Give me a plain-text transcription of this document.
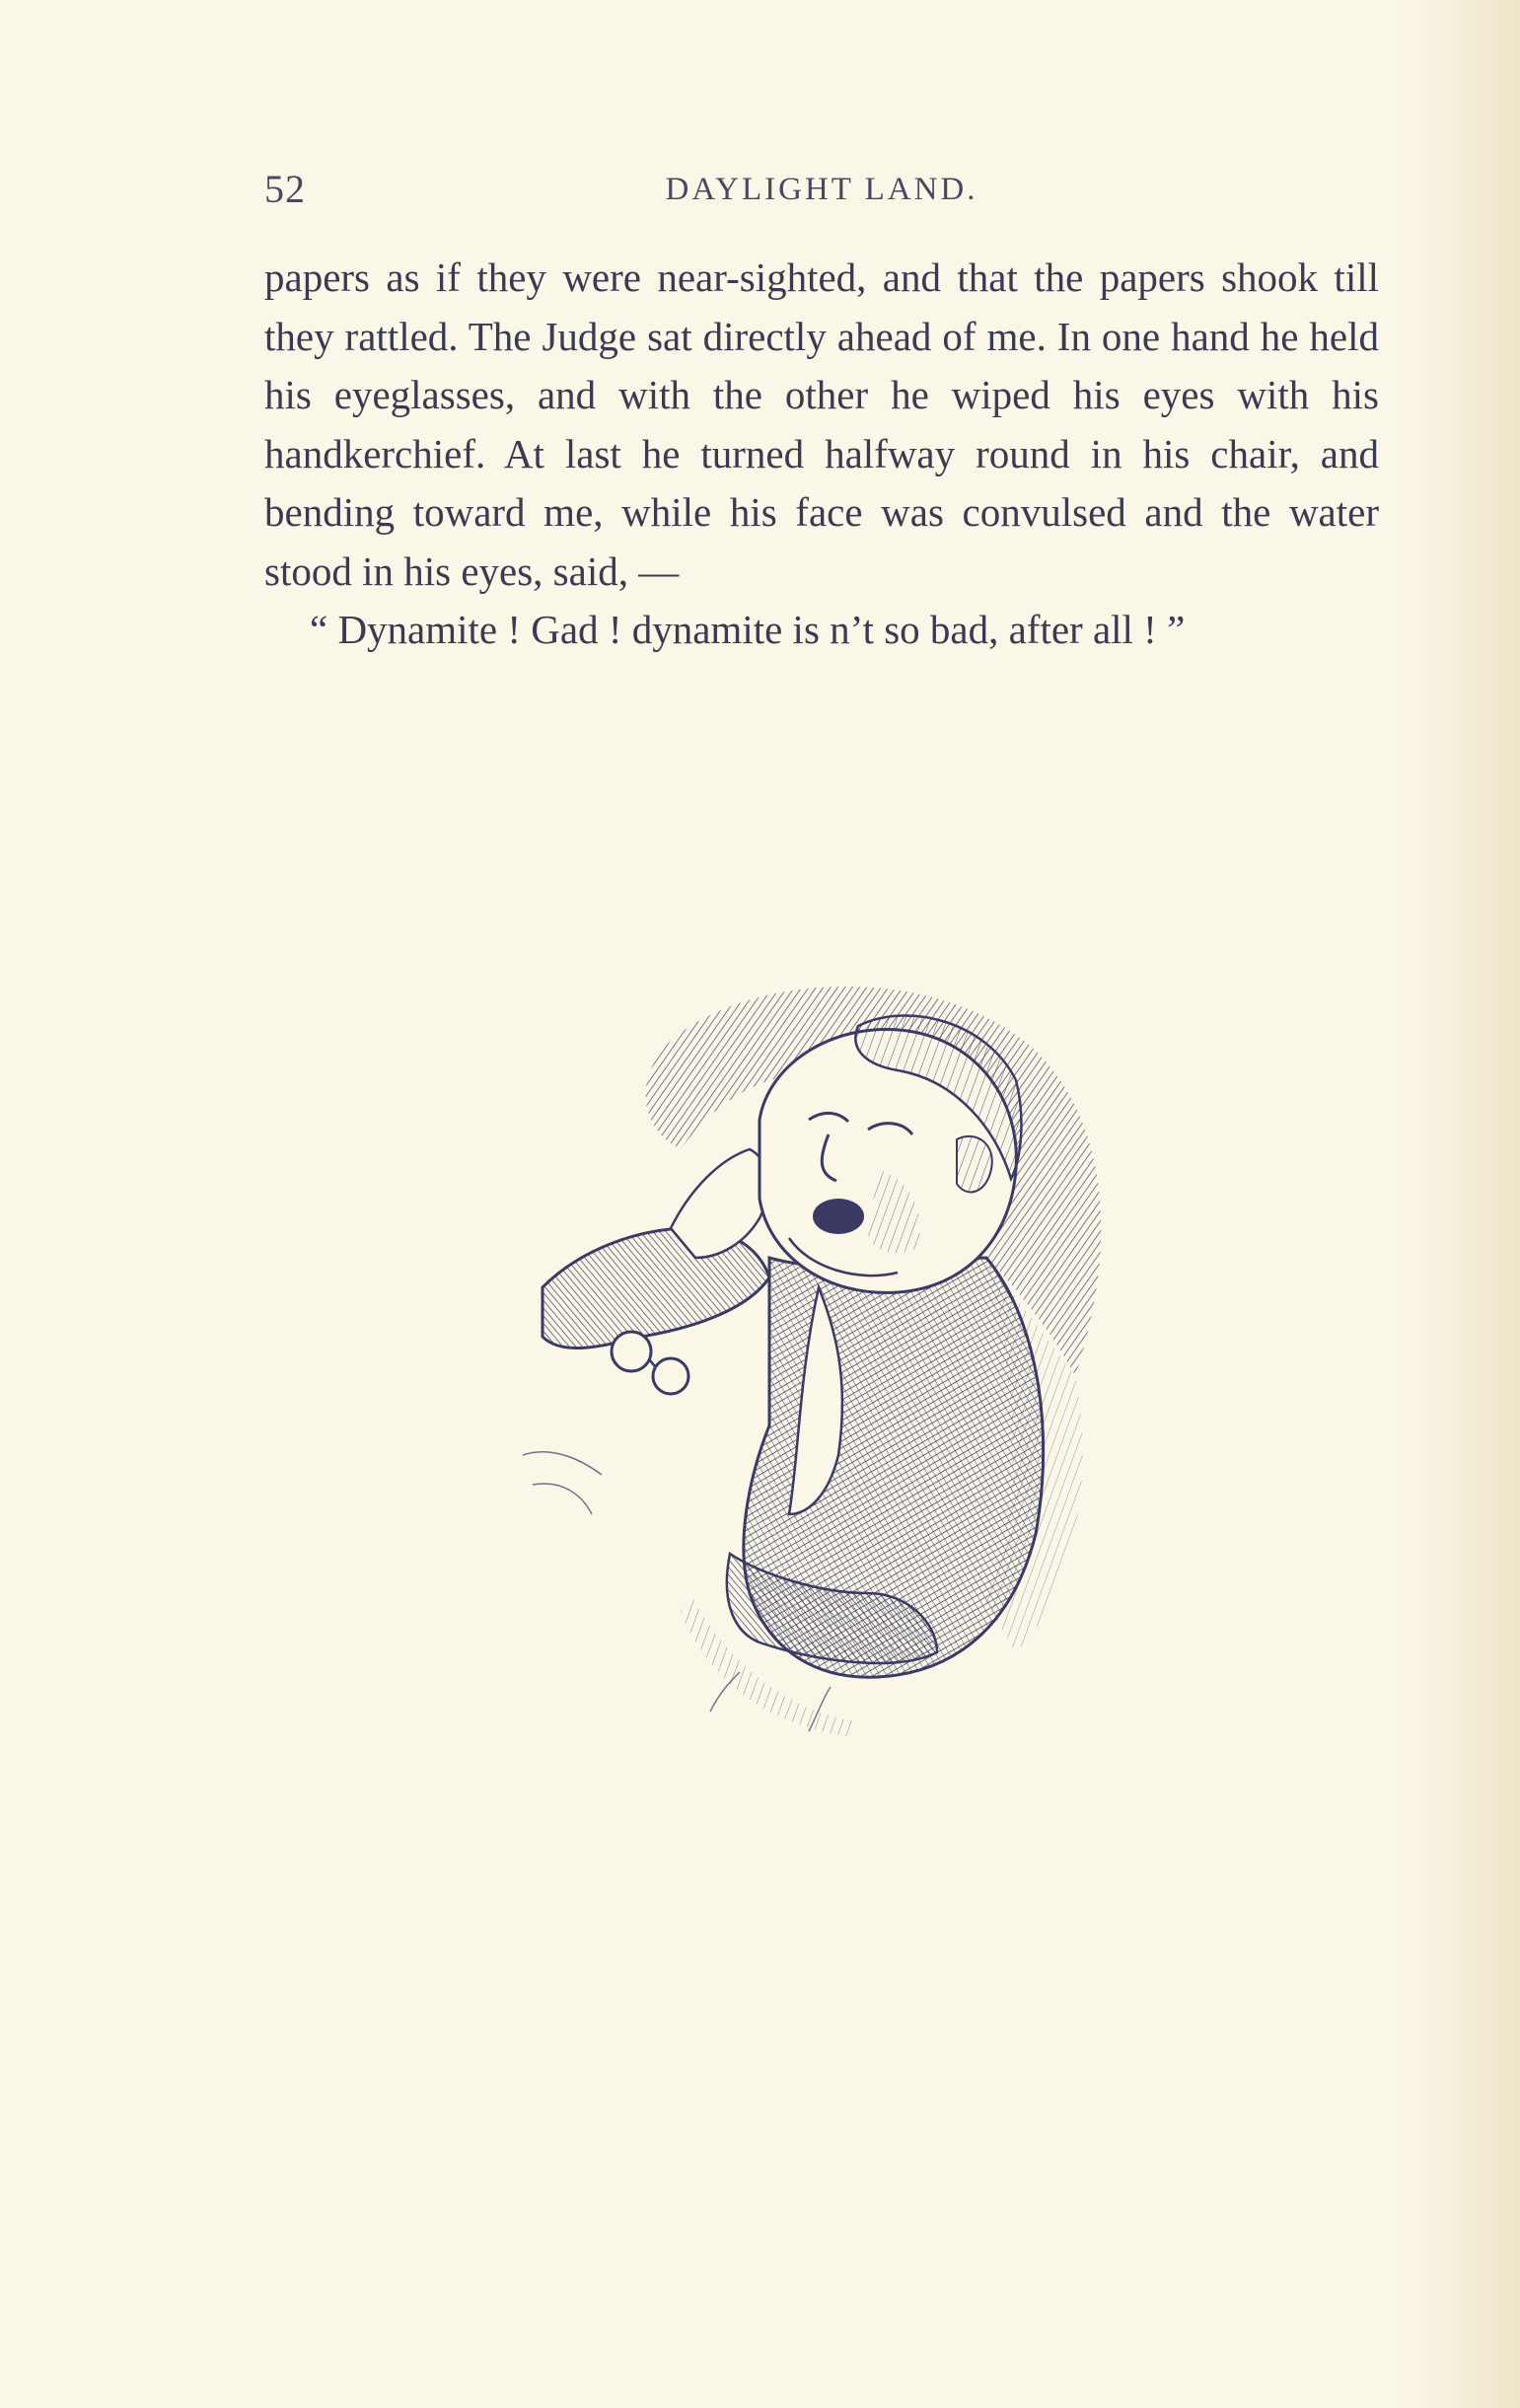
52	DAYLIGHT LAND.

papers as if they were near-sighted, and that the papers shook till they rattled. The Judge sat directly ahead of me. In one hand he held his eyeglasses, and with the other he wiped his eyes with his handkerchief. At last he turned halfway round in his chair, and bending toward me, while his face was convulsed and the water stood in his eyes, said, —

“ Dynamite ! Gad ! dynamite is n’t so bad, after all ! ”
